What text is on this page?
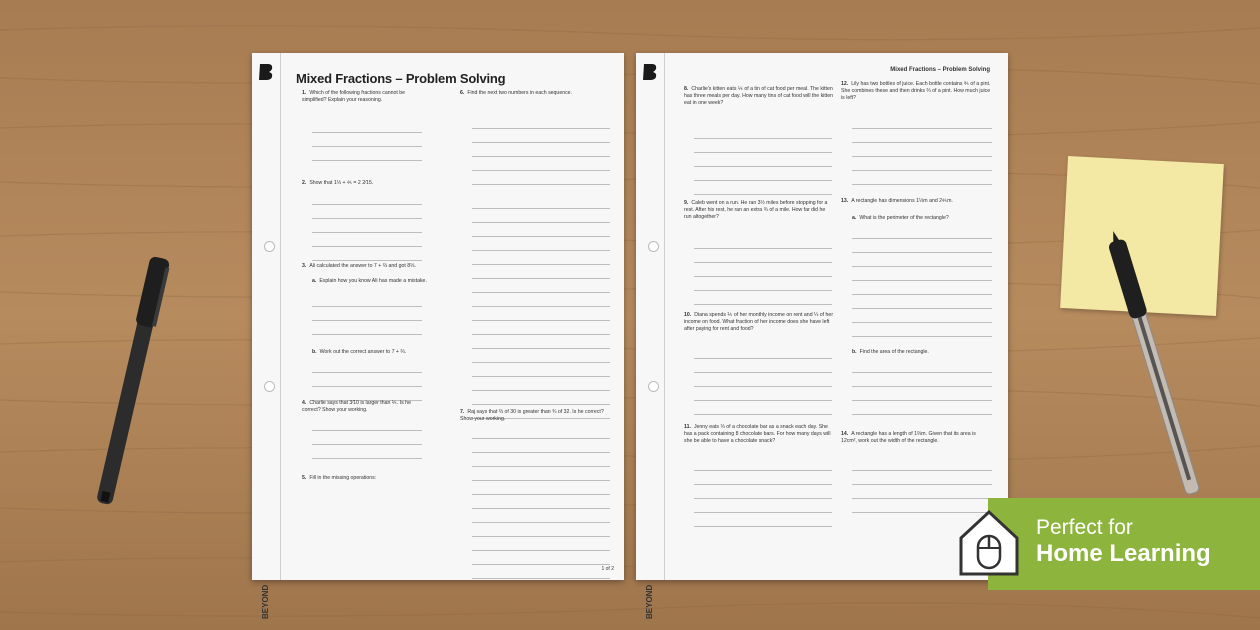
BEYOND
Mixed Fractions – Problem Solving
1. Which of the following fractions cannot be simplified? Explain your reasoning.
2. Show that 1⅓ + ⅘ = 2 2⁄15.
3. Ali calculated the answer to 7 + ⅔ and got 8⅓.
a. Explain how you know Ali has made a mistake.
b. Work out the correct answer to 7 + ⅔.
4. Charlie says that 3⁄10 is larger than ⅖. Is he correct? Show your working.
5. Fill in the missing operations:
6. Find the next two numbers in each sequence.
7. Raj says that ⅔ of 30 is greater than ¾ of 32. Is he correct? Show your working.
1 of 2
BEYOND
Mixed Fractions – Problem Solving
8. Charlie's kitten eats ⅙ of a tin of cat food per meal. The kitten has three meals per day. How many tins of cat food will the kitten eat in one week?
9. Caleb went on a run. He ran 3½ miles before stopping for a rest. After his rest, he ran an extra ¾ of a mile. How far did he run altogether?
10. Diana spends ⅖ of her monthly income on rent and ¼ of her income on food. What fraction of her income does she have left after paying for rent and food?
11. Jenny eats ⅓ of a chocolate bar as a snack each day. She has a pack containing 8 chocolate bars. For how many days will she be able to have a chocolate snack?
12. Lily has two bottles of juice. Each bottle contains ⅗ of a pint. She combines these and then drinks ⅔ of a pint. How much juice is left?
13. A rectangle has dimensions 1⅓m and 2⅘m.
a. What is the perimeter of the rectangle?
b. Find the area of the rectangle.
14. A rectangle has a length of 1⅔m. Given that its area is 12cm², work out the width of the rectangle.
Perfect for
Home Learning
